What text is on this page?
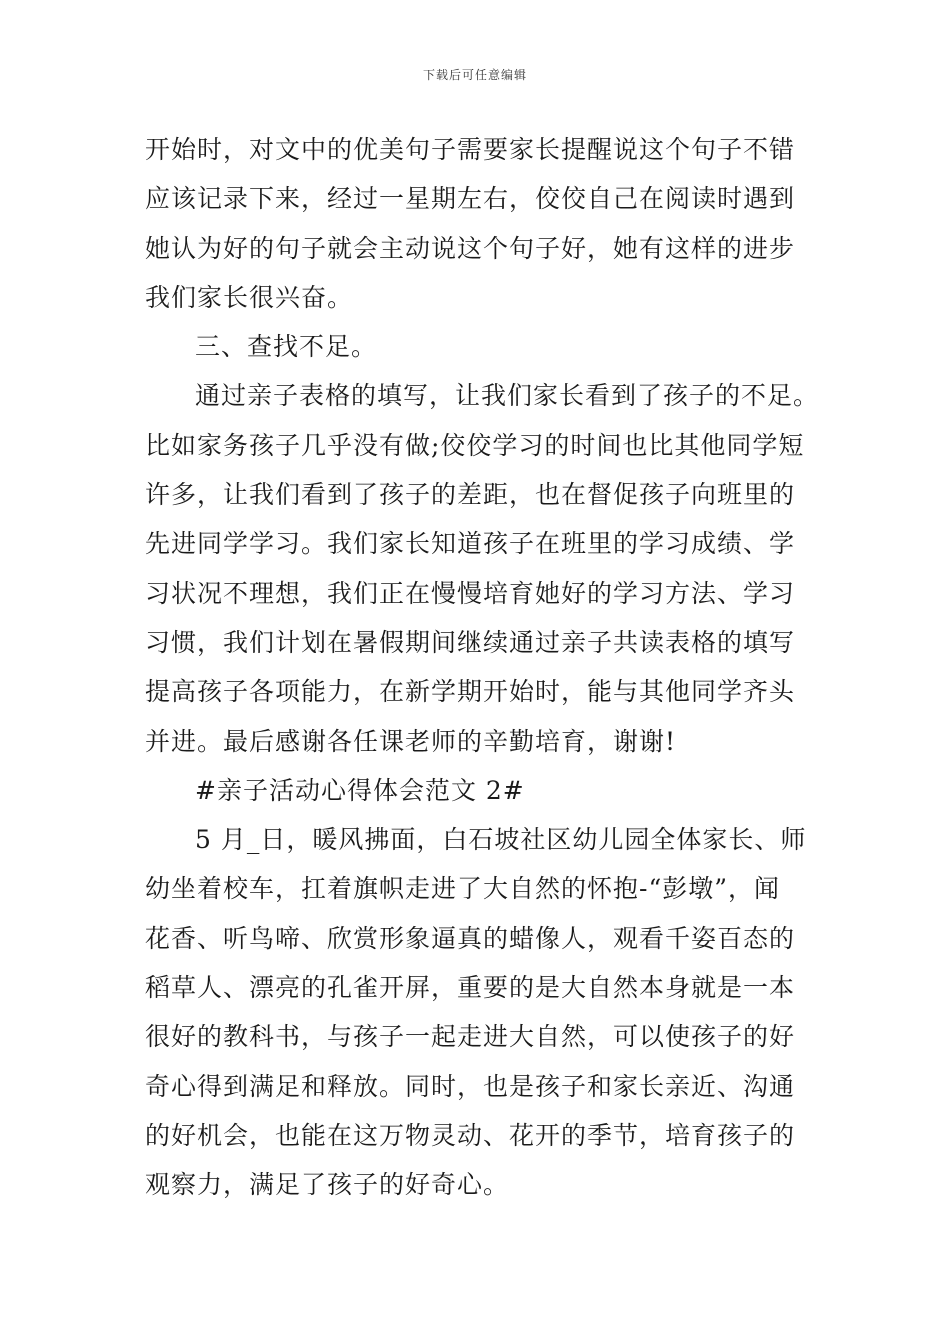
下载后可任意编辑
开始时，对文中的优美句子需要家长提醒说这个句子不错
应该记录下来，经过一星期左右，佼佼自己在阅读时遇到
她认为好的句子就会主动说这个句子好，她有这样的进步
我们家长很兴奋。
三、查找不足。
通过亲子表格的填写，让我们家长看到了孩子的不足。
比如家务孩子几乎没有做;佼佼学习的时间也比其他同学短
许多，让我们看到了孩子的差距，也在督促孩子向班里的
先进同学学习。我们家长知道孩子在班里的学习成绩、学
习状况不理想，我们正在慢慢培育她好的学习方法、学习
习惯，我们计划在暑假期间继续通过亲子共读表格的填写
提高孩子各项能力，在新学期开始时，能与其他同学齐头
并进。最后感谢各任课老师的辛勤培育，谢谢!
#亲子活动心得体会范文 2#
5 月_日，暖风拂面，白石坡社区幼儿园全体家长、师
幼坐着校车，扛着旗帜走进了大自然的怀抱-“彭墩”，闻
花香、听鸟啼、欣赏形象逼真的蜡像人，观看千姿百态的
稻草人、漂亮的孔雀开屏，重要的是大自然本身就是一本
很好的教科书，与孩子一起走进大自然，可以使孩子的好
奇心得到满足和释放。同时，也是孩子和家长亲近、沟通
的好机会，也能在这万物灵动、花开的季节，培育孩子的
观察力，满足了孩子的好奇心。
